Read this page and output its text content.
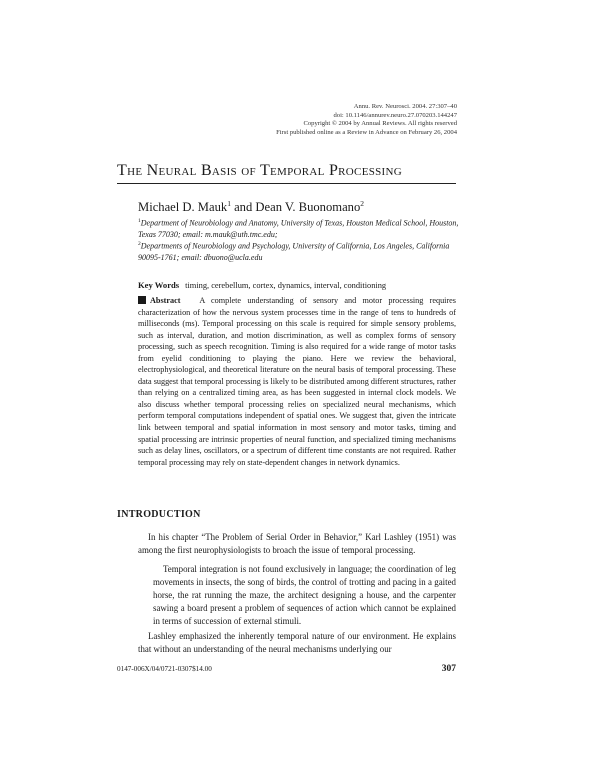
Annu. Rev. Neurosci. 2004. 27:307–40
doi: 10.1146/annurev.neuro.27.070203.144247
Copyright © 2004 by Annual Reviews. All rights reserved
First published online as a Review in Advance on February 26, 2004
The Neural Basis of Temporal Processing
Michael D. Mauk$^1$ and Dean V. Buonomano$^2$
$^1$Department of Neurobiology and Anatomy, University of Texas, Houston Medical School, Houston, Texas 77030; email: m.mauk@uth.tmc.edu;
$^2$Departments of Neurobiology and Psychology, University of California, Los Angeles, California 90095-1761; email: dbuono@ucla.edu
Key Words timing, cerebellum, cortex, dynamics, interval, conditioning

Abstract A complete understanding of sensory and motor processing requires characterization of how the nervous system processes time in the range of tens to hundreds of milliseconds (ms). Temporal processing on this scale is required for simple sensory problems, such as interval, duration, and motion discrimination, as well as complex forms of sensory processing, such as speech recognition. Timing is also required for a wide range of motor tasks from eyelid conditioning to playing the piano. Here we review the behavioral, electrophysiological, and theoretical literature on the neural basis of temporal processing. These data suggest that temporal processing is likely to be distributed among different structures, rather than relying on a centralized timing area, as has been suggested in internal clock models. We also discuss whether temporal processing relies on specialized neural mechanisms, which perform temporal computations independent of spatial ones. We suggest that, given the intricate link between temporal and spatial information in most sensory and motor tasks, timing and spatial processing are intrinsic properties of neural function, and specialized timing mechanisms such as delay lines, oscillators, or a spectrum of different time constants are not required. Rather temporal processing may rely on state-dependent changes in network dynamics.

INTRODUCTION

In his chapter “The Problem of Serial Order in Behavior,” Karl Lashley (1951) was among the first neurophysiologists to broach the issue of temporal processing.

Temporal integration is not found exclusively in language; the coordination of leg movements in insects, the song of birds, the control of trotting and pacing in a gaited horse, the rat running the maze, the architect designing a house, and the carpenter sawing a board present a problem of sequences of action which cannot be explained in terms of succession of external stimuli.

Lashley emphasized the inherently temporal nature of our environment. He explains that without an understanding of the neural mechanisms underlying our

0147-006X/04/0721-0307$14.00	307
